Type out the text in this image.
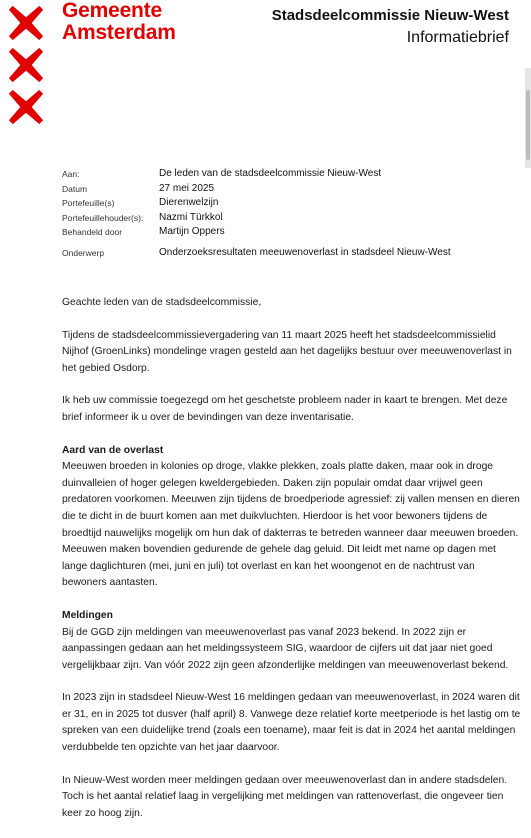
Gemeente
Amsterdam
Stadsdeelcommissie Nieuw-West
Informatiebrief
Aan:	De leden van de stadsdeelcommissie Nieuw-West
Datum	27 mei 2025
Portefeuille(s)	Dierenwelzijn
Portefeuillehouder(s):	Nazmi Türkkol
Behandeld door	Martijn Oppers
Onderwerp	Onderzoeksresultaten meeuwenoverlast in stadsdeel Nieuw-West

Geachte leden van de stadsdeelcommissie,

Tijdens de stadsdeelcommissievergadering van 11 maart 2025 heeft het stadsdeelcommissielid Nijhof (GroenLinks) mondelinge vragen gesteld aan het dagelijks bestuur over meeuwenoverlast in het gebied Osdorp.

Ik heb uw commissie toegezegd om het geschetste probleem nader in kaart te brengen. Met deze brief informeer ik u over de bevindingen van deze inventarisatie.

Aard van de overlast

Meeuwen broeden in kolonies op droge, vlakke plekken, zoals platte daken, maar ook in droge duinvalleien of hoger gelegen kweldergebieden. Daken zijn populair omdat daar vrijwel geen predatoren voorkomen. Meeuwen zijn tijdens de broedperiode agressief: zij vallen mensen en dieren die te dicht in de buurt komen aan met duikvluchten. Hierdoor is het voor bewoners tijdens de broedtijd nauwelijks mogelijk om hun dak of dakterras te betreden wanneer daar meeuwen broeden. Meeuwen maken bovendien gedurende de gehele dag geluid. Dit leidt met name op dagen met lange daglichturen (mei, juni en juli) tot overlast en kan het woongenot en de nachtrust van bewoners aantasten.

Meldingen

Bij de GGD zijn meldingen van meeuwenoverlast pas vanaf 2023 bekend. In 2022 zijn er aanpassingen gedaan aan het meldingssysteem SIG, waardoor de cijfers uit dat jaar niet goed vergelijkbaar zijn. Van vóór 2022 zijn geen afzonderlijke meldingen van meeuwenoverlast bekend.

In 2023 zijn in stadsdeel Nieuw-West 16 meldingen gedaan van meeuwenoverlast, in 2024 waren dit er 31, en in 2025 tot dusver (half april) 8. Vanwege deze relatief korte meetperiode is het lastig om te spreken van een duidelijke trend (zoals een toename), maar feit is dat in 2024 het aantal meldingen verdubbelde ten opzichte van het jaar daarvoor.

In Nieuw-West worden meer meldingen gedaan over meeuwenoverlast dan in andere stadsdelen. Toch is het aantal relatief laag in vergelijking met meldingen van rattenoverlast, die ongeveer tien keer zo hoog zijn.
